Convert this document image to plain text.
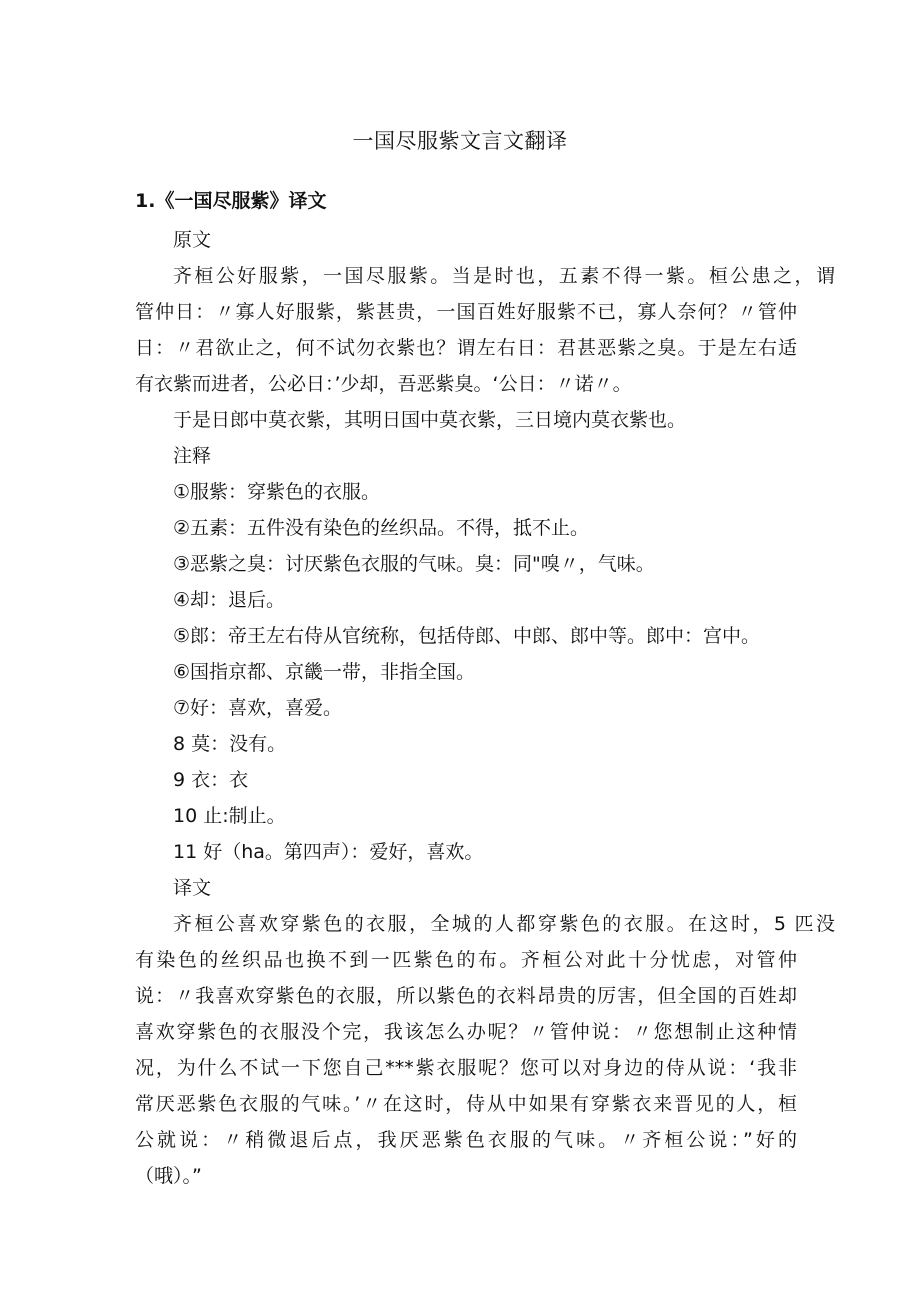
一国尽服紫文言文翻译
1.《一国尽服紫》译文
原文
齐桓公好服紫，一国尽服紫。当是时也，五素不得一紫。桓公患之，谓
管仲日：〃寡人好服紫，紫甚贵，一国百姓好服紫不已，寡人奈何？〃管仲
日：〃君欲止之，何不试勿衣紫也？谓左右日：君甚恶紫之臭。于是左右适
有衣紫而进者，公必日：’少却，吾恶紫臭。‘公日：〃诺〃。
于是日郎中莫衣紫，其明日国中莫衣紫，三日境内莫衣紫也。
注释
①服紫：穿紫色的衣服。
②五素：五件没有染色的丝织品。不得，抵不止。
③恶紫之臭：讨厌紫色衣服的气味。臭：同"嗅〃，气味。
④却：退后。
⑤郎：帝王左右侍从官统称，包括侍郎、中郎、郎中等。郎中：宫中。
⑥国指京都、京畿一带，非指全国。
⑦好：喜欢，喜爱。
8 莫：没有。
9 衣：衣
10 止:制止。
11 好（ha。第四声）：爱好，喜欢。
译文
齐桓公喜欢穿紫色的衣服，全城的人都穿紫色的衣服。在这时，5 匹没
有染色的丝织品也换不到一匹紫色的布。齐桓公对此十分忧虑，对管仲
说：〃我喜欢穿紫色的衣服，所以紫色的衣料昂贵的厉害，但全国的百姓却
喜欢穿紫色的衣服没个完，我该怎么办呢？〃管仲说：〃您想制止这种情
况，为什么不试一下您自己***紫衣服呢？您可以对身边的侍从说：‘我非
常厌恶紫色衣服的气味。’〃在这时，侍从中如果有穿紫衣来晋见的人，桓
公就说：〃稍微退后点，我厌恶紫色衣服的气味。〃齐桓公说：”好的
（哦）。”
